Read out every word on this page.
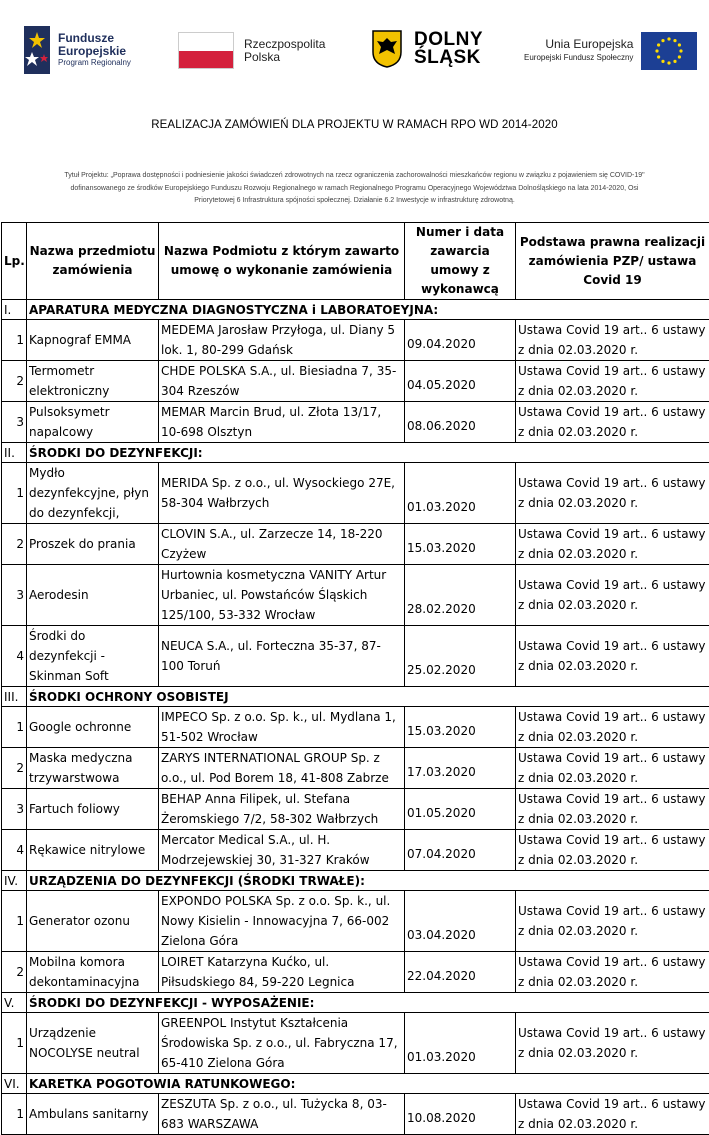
Fundusze
Europejskie
Program Regionalny
Rzeczpospolita
Polska
DOLNY
ŚLĄSK
Unia Europejska
Europejski Fundusz Społeczny
REALIZACJA ZAMÓWIEŃ DLA PROJEKTU W RAMACH RPO WD 2014-2020
Tytuł Projektu: „Poprawa dostępności i podniesienie jakości świadczeń zdrowotnych na rzecz ograniczenia zachorowalności mieszkańców regionu w związku z pojawieniem się COVID-19"
dofinansowanego ze środków Europejskiego Funduszu Rozwoju Regionalnego w ramach Regionalnego Programu Operacyjnego Województwa Dolnośląskiego na lata 2014-2020, Osi
Priorytetowej 6 Infrastruktura spójności społecznej. Działanie 6.2 Inwestycje w infrastrukturę zdrowotną.
Lp.	Nazwa przedmiotu zamówienia	Nazwa Podmiotu z którym zawarto umowę o wykonanie zamówienia	Numer i data zawarcia umowy z wykonawcą	Podstawa prawna realizacji zamówienia PZP/ ustawa Covid 19
I.	APARATURA MEDYCZNA DIAGNOSTYCZNA i LABORATOEYJNA:			
1	Kapnograf EMMA	MEDEMA Jarosław Przyłoga, ul. Diany 5 lok. 1, 80-299 Gdańsk	09.04.2020	Ustawa Covid 19 art.. 6 ustawy z dnia 02.03.2020 r.
2	Termometr elektroniczny	CHDE POLSKA S.A., ul. Biesiadna 7, 35-304 Rzeszów	04.05.2020	Ustawa Covid 19 art.. 6 ustawy z dnia 02.03.2020 r.
3	Pulsoksymetr napalcowy	MEMAR Marcin Brud, ul. Złota 13/17, 10-698 Olsztyn	08.06.2020	Ustawa Covid 19 art.. 6 ustawy z dnia 02.03.2020 r.
II.	ŚRODKI DO DEZYNFEKCJI:			
1	Mydło dezynfekcyjne, płyn do dezynfekcji,	MERIDA Sp. z o.o., ul. Wysockiego 27E, 58-304 Wałbrzych	01.03.2020	Ustawa Covid 19 art.. 6 ustawy z dnia 02.03.2020 r.
2	Proszek do prania	CLOVIN S.A., ul. Zarzecze 14, 18-220 Czyżew	15.03.2020	Ustawa Covid 19 art.. 6 ustawy z dnia 02.03.2020 r.
3	Aerodesin	Hurtownia kosmetyczna VANITY Artur Urbaniec, ul. Powstańców Śląskich 125/100, 53-332 Wrocław	28.02.2020	Ustawa Covid 19 art.. 6 ustawy z dnia 02.03.2020 r.
4	Środki do dezynfekcji - Skinman Soft	NEUCA S.A., ul. Forteczna 35-37, 87-100 Toruń	25.02.2020	Ustawa Covid 19 art.. 6 ustawy z dnia 02.03.2020 r.
III.	ŚRODKI OCHRONY OSOBISTEJ			
1	Google ochronne	IMPECO Sp. z o.o. Sp. k., ul. Mydlana 1, 51-502 Wrocław	15.03.2020	Ustawa Covid 19 art.. 6 ustawy z dnia 02.03.2020 r.
2	Maska medyczna trzywarstwowa	ZARYS INTERNATIONAL GROUP Sp. z o.o., ul. Pod Borem 18, 41-808 Zabrze	17.03.2020	Ustawa Covid 19 art.. 6 ustawy z dnia 02.03.2020 r.
3	Fartuch foliowy	BEHAP Anna Filipek, ul. Stefana Żeromskiego 7/2, 58-302 Wałbrzych	01.05.2020	Ustawa Covid 19 art.. 6 ustawy z dnia 02.03.2020 r.
4	Rękawice nitrylowe	Mercator Medical S.A., ul. H. Modrzejewskiej 30, 31-327 Kraków	07.04.2020	Ustawa Covid 19 art.. 6 ustawy z dnia 02.03.2020 r.
IV.	URZĄDZENIA DO DEZYNFEKCJI (ŚRODKI TRWAŁE):			
1	Generator ozonu	EXPONDO POLSKA Sp. z o.o. Sp. k., ul. Nowy Kisielin - Innowacyjna 7, 66-002 Zielona Góra	03.04.2020	Ustawa Covid 19 art.. 6 ustawy z dnia 02.03.2020 r.
2	Mobilna komora dekontaminacyjna	LOIRET Katarzyna Kućko, ul. Piłsudskiego 84, 59-220 Legnica	22.04.2020	Ustawa Covid 19 art.. 6 ustawy z dnia 02.03.2020 r.
V.	ŚRODKI DO DEZYNFEKCJI - WYPOSAŻENIE:			
1	Urządzenie NOCOLYSE neutral	GREENPOL Instytut Kształcenia Środowiska Sp. z o.o., ul. Fabryczna 17, 65-410 Zielona Góra	01.03.2020	Ustawa Covid 19 art.. 6 ustawy z dnia 02.03.2020 r.
VI.	KARETKA POGOTOWIA RATUNKOWEGO:			
1	Ambulans sanitarny	ZESZUTA Sp. z o.o., ul. Tużycka 8, 03-683 WARSZAWA	10.08.2020	Ustawa Covid 19 art.. 6 ustawy z dnia 02.03.2020 r.
